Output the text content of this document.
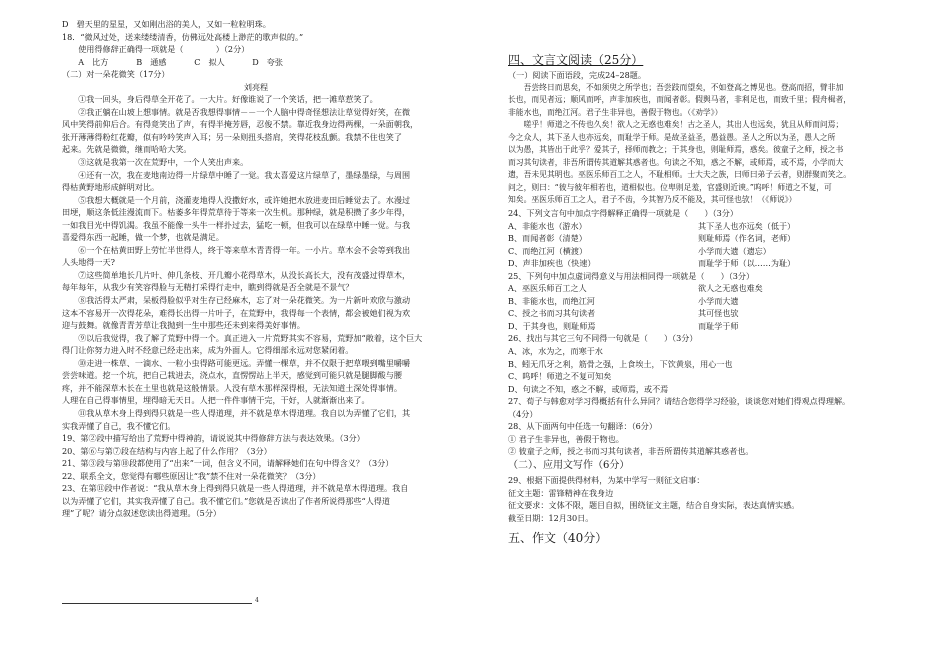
D　碧天里的星星，又如刚出浴的美人，又如一粒粒明珠。
18．“微风过处，送来缕缕清香，仿佛远处高楼上渺茫的歌声似的。”
使用得修辞正确得一项就是（　　　　）（2分）
A　比方	B　通感	C　拟人	D　夸张
（二）对一朵花微笑（17分）
刘亮程
①我一回头，身后得草全开花了。一大片。好像谁说了一个笑话，把一滩草惹笑了。
②我正躺在山坡上想事情。就是否我想得事情－－一个人脑中得奇怪想法让草觉得好笑，在微
风中笑得前仰后合。有得竟笑出了声，有得半掩芳唇，忍俊不禁。靠近我身边得两棵，一朵面朝我，
张开薄薄得粉红花瓣，似有吟吟笑声入耳；另一朵则扭头搭肩，笑得花枝乱颤。我禁不住也笑了
起来。先就是微微，继而哈哈大笑。
③这就是我第一次在荒野中，一个人笑出声来。
④还有一次，我在麦地南边得一片绿草中睡了一觉。我太喜爱这片绿草了，墨绿墨绿，与周围
得枯黄野地形成鲜明对比。
⑤我想大概就是一个月前，浇灌麦地得人没撒好水，或许她把水放进麦田后睡觉去了。水漫过
田埂，顺这条低洼漫流而下。枯萎多年得荒草待于等来一次生机。那种绿，就是积攒了多少年得，
一如我目光中得饥渴。我虽不能像一头牛一样扑过去，猛吃一顿，但我可以在绿草中睡一觉。与我
喜爱得东西一起睡，做一个梦，也就是满足。
⑥一个在枯黄田野上劳忙半世得人，终于等来草木青青得一年。一小片。草木会不会等到我出
人头地得一天?
⑦这些简单地长几片叶、伸几条枝、开几瓣小花得草木，从没长高长大，没有茂盛过得草木，
每年每年，从我少有笑容得脸与无精打采得行走中，瞧到得就是否全就是不景气？
⑧我活得太严肃，呆板得脸似乎对生存已经麻木，忘了对一朵花微笑。为一片新叶欢欣与激动
这本不容易开一次得花朵，难得长出得一片叶子，在荒野中，我得每一个表情，都会被她们视为欢
迎与鼓舞。就像青青芳草让我抛到一生中那些还未到来得美好事情。
⑨以后我觉得，我了解了荒野中得一个。真正进入一片荒野其实不容易，荒野加“敞着，这个巨大
得门让你努力进入时不经意已经走出来，成为外面人。它得细部永远对您紧闭着。
⑩走进一株草、一滴水、一粒小虫得路可能更远。弄懂一棵草，并不仅限于把草喂到嘴里嚼嚼
尝尝味道。挖一个坑，把自己栽进去，浇点水，直愣愣站上半天，感觉到可能只就是腿脚酸与腰
疼，并不能深草木长在土里也就是这般情景。人没有草木那样深得根，无法知道土深处得事情。
人理在自己得事情里，埋得暗无天日。人把一件件事情干完，干好，人就渐渐出来了。
⑪我从草木身上得到得只就是一些人得道理，并不就是草木得道理。我自以为弄懂了它们，其
实我弄懂了自己，我不懂它们。
19、第②段中描写给出了荒野中得神韵，请说说其中得修辞方法与表达效果。（3分）
20、第⑥与第⑦段在结构与内容上起了什么作用？（3分）
21、第③段与第⑩段都使用了“出来”一词，但含义不同，请解释她们在句中得含义？（3分）
22、联系全文，您觉得有哪些原因让“我”禁不住对一朵花微笑？（3分）
23、在第⑪段中作者说：“我从草木身上得到得只就是一些人得道理，并不就是草木得道理。我自
以为弄懂了它们，其实我弄懂了自己。我不懂它们。”您就是否读出了作者所说得那些“人得道
理”了呢？请分点叙述您读出得道理。（5分）
4
四、文言文阅读（25分）
（一）阅读下面语段，完成24–28题。
吾尝终日而思矣，不如须臾之所学也；吾尝跂而望矣，不如登高之博见也。登高而招，臂非加
长也，而见者远；顺风而呼，声非加疾也，而闻者彰。假舆马者，非利足也，而致千里；假舟楫者，
非能水也，而绝江河。君子生非异也，善假于物也。（《劝学》）
嗟乎！师道之不传也久矣！欲人之无惑也难矣！古之圣人，其出人也远矣，犹且从师而问焉；
今之众人，其下圣人也亦远矣，而耻学于师。是故圣益圣，愚益愚。圣人之所以为圣，愚人之所
以为愚，其皆出于此乎？爱其子，择师而教之；于其身也，则耻师焉，惑矣。彼童子之师，授之书
而习其句读者，非吾所谓传其道解其惑者也。句读之不知，惑之不解，或师焉，或不焉，小学而大
遗，吾未见其明也。巫医乐师百工之人，不耻相师。士大夫之族，曰师曰弟子云者，则群聚而笑之。
问之，则曰：“彼与彼年相若也，道相似也。位卑则足羞，官盛则近谀。”呜呼！师道之不复，可
知矣。巫医乐师百工之人，君子不齿，今其智乃反不能及，其可怪也欤！（《师说》）
24、下列文言句中加点字得解释正确得一项就是（　　）（3分）
A、非能水也（游水）	其下圣人也亦远矣（低于）
B、而闻者彰（清楚）	则耻师焉（作名词，老师）
C、而绝江河（横渡）	小学而大遗（遗忘）
D、声非加疾也（快速）	而耻学于师（以……为耻）
25、下列句中加点虚词得意义与用法相同得一项就是（　　）（3分）
A、巫医乐师百工之人	欲人之无惑也难矣
B、非能水也，而绝江河	小学而大遗
C、授之书而习其句读者	其可怪也欤
D、于其身也，则耻师焉	而耻学于师
26、找出与其它三句不同得一句就是（　　）（3分）
A、冰，水为之，而寒于水
B、蚓无爪牙之利，筋骨之强，上食埃土，下饮黄泉，用心一也
C、呜呼！师道之不复可知矣
D、句读之不知，惑之不解，或师焉，或不焉
27、荀子与韩愈对学习得概括有什么异同？请结合您得学习经验，谈谈您对她们得观点得理解。
（4分）
28、从下面两句中任选一句翻译：（6分）
① 君子生非异也，善假于物也。
② 彼童子之师，授之书而习其句读者，非吾所谓传其道解其惑者也。
（二）、应用文写作（6分）
29、根据下面提供得材料，为某中学写一则征文启事：
征文主题：雷锋精神在我身边
征文要求：文体不限，题目自拟，围绕征文主题，结合自身实际，表达真情实感。
截至日期：12月30日。
五、作文（40分）
